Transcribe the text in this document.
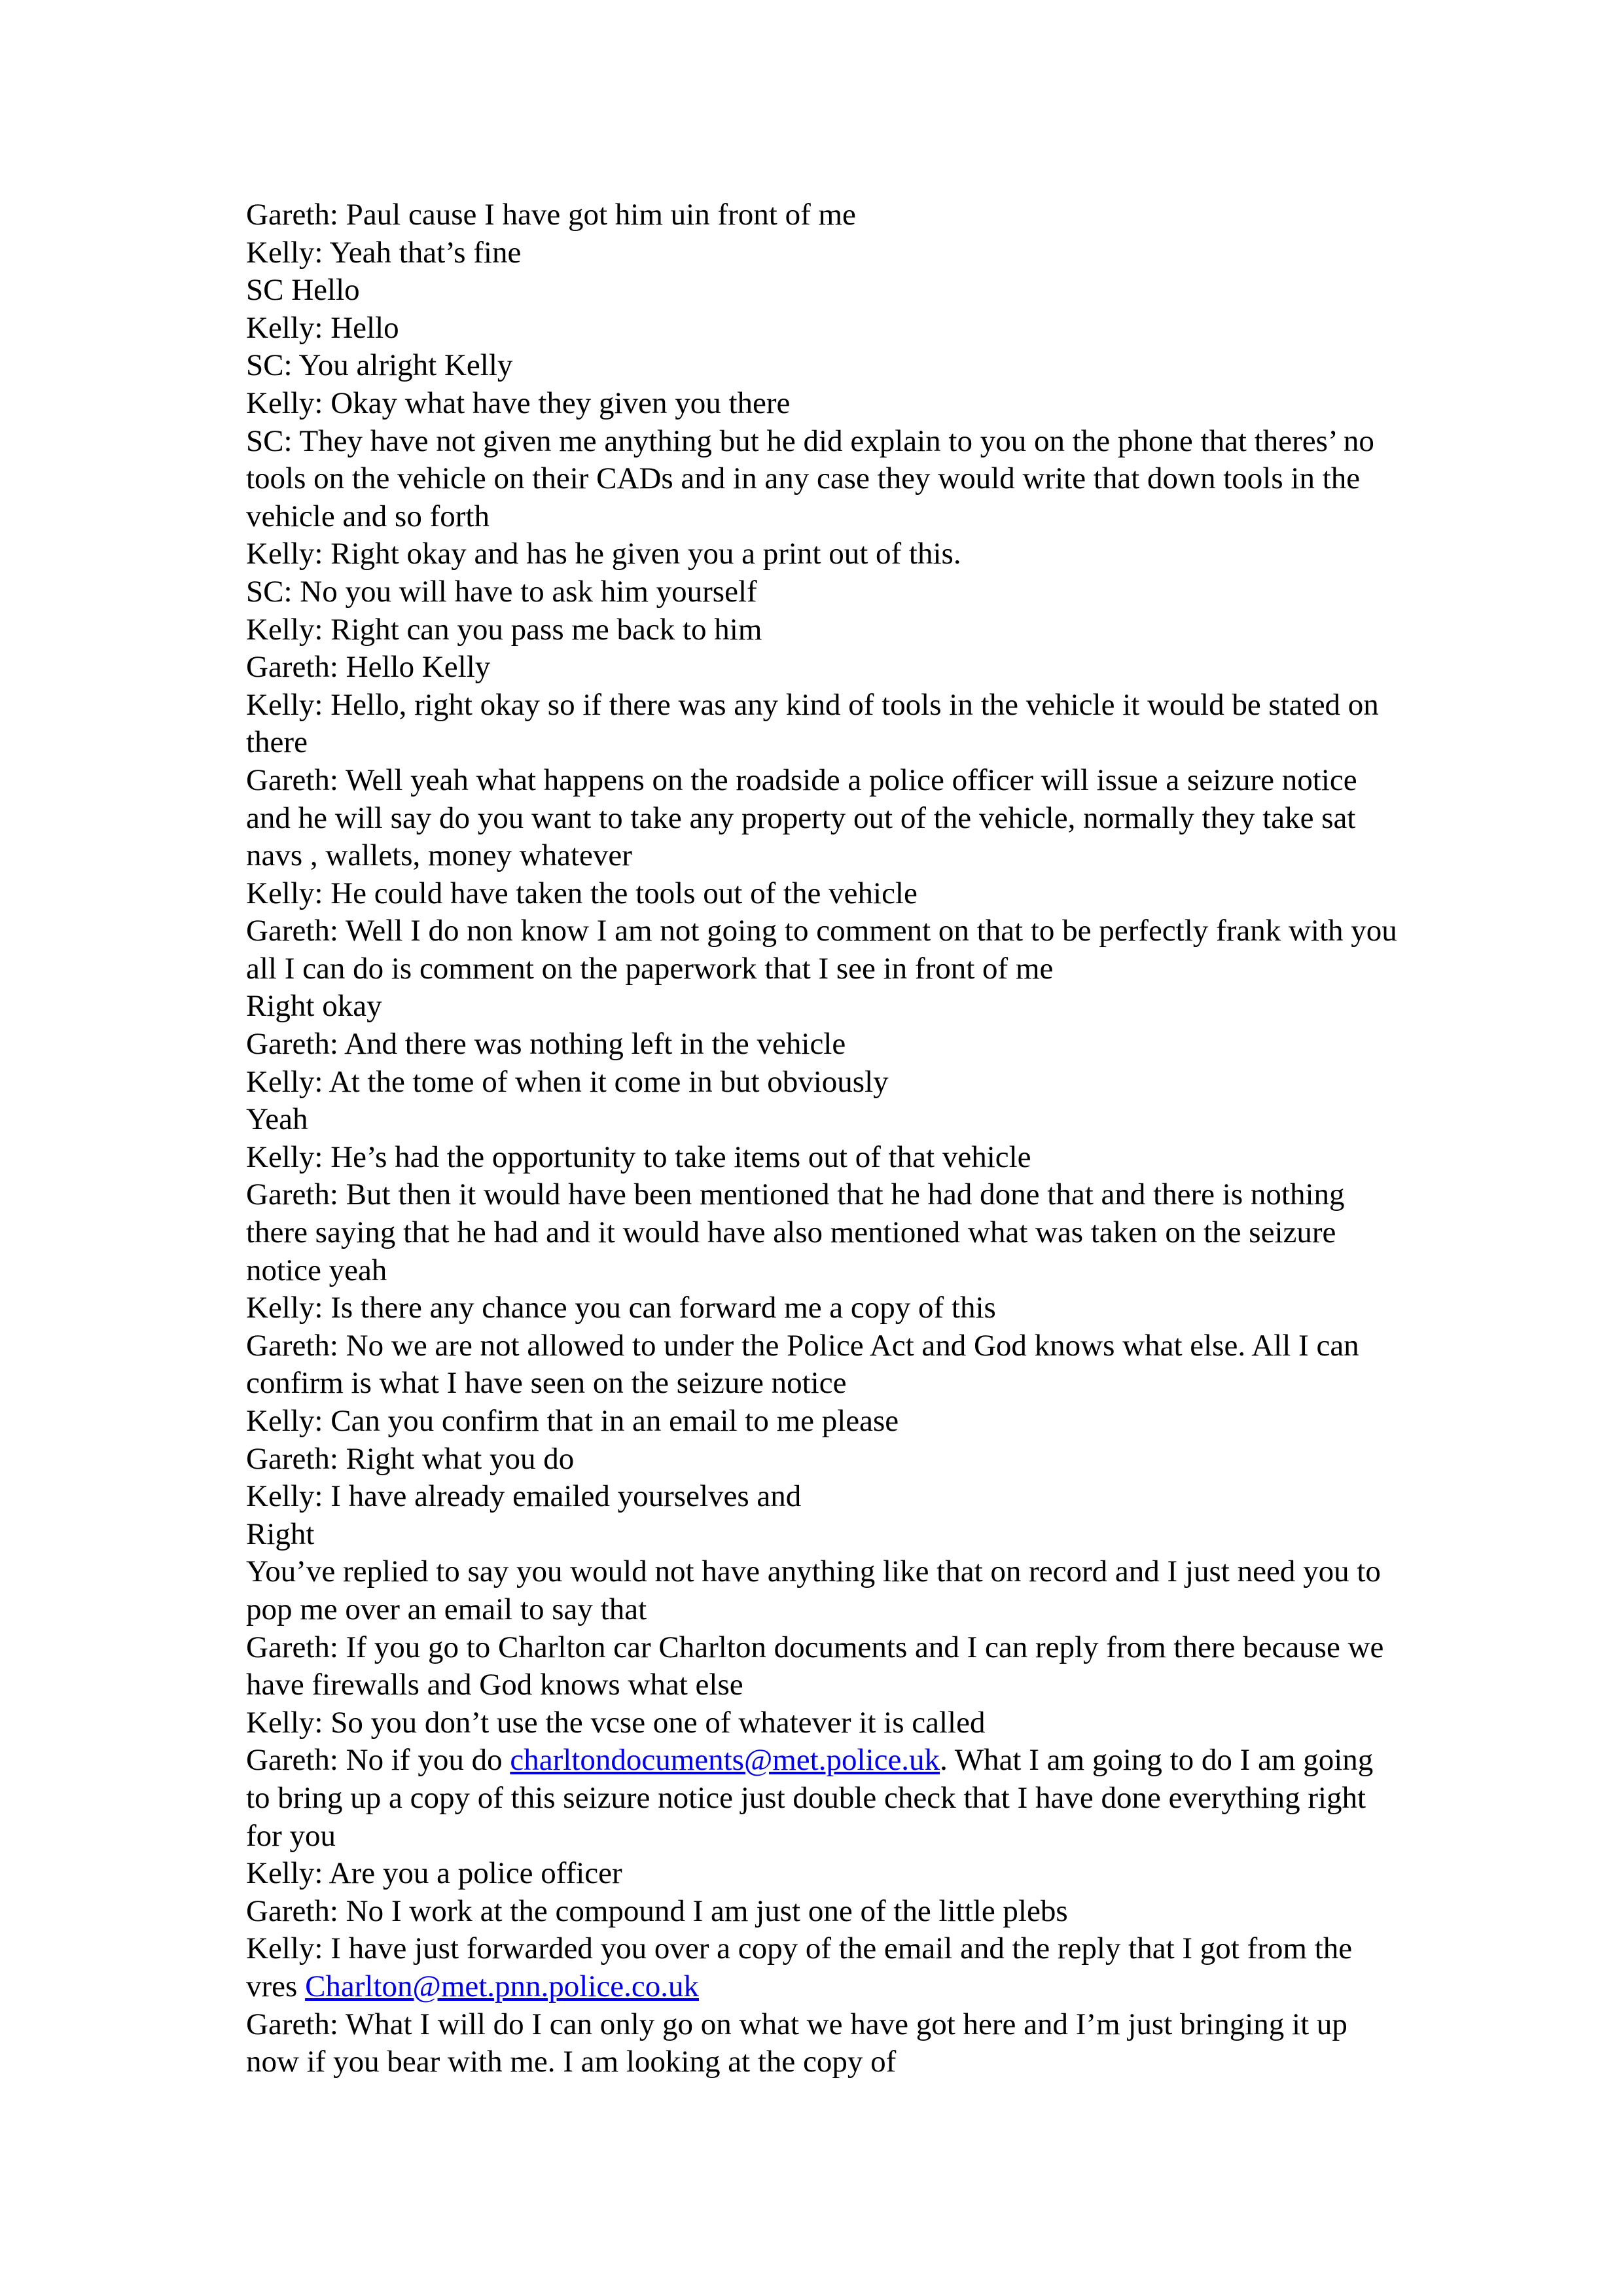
Gareth: Paul cause I have got him uin front of me

Kelly: Yeah that’s fine

SC Hello

Kelly: Hello

SC: You alright Kelly

Kelly: Okay what have they given you there

SC: They have not given me anything but he did explain to you on the phone that theres’ no tools on the vehicle on their CADs and in any case they would write that down tools in the vehicle and so forth

Kelly: Right okay and has he given you a print out of this.

SC: No you will have to ask him yourself

Kelly: Right can you pass me back to him

Gareth: Hello Kelly

Kelly: Hello, right okay so if there was any kind of tools in the vehicle it would be stated on there

Gareth: Well yeah what happens on the roadside a police officer will issue a seizure notice and he will say do you want to take any property out of the vehicle, normally they take sat navs , wallets, money whatever

Kelly: He could have taken the tools out of the vehicle

Gareth: Well I do non know I am not going to comment on that to be perfectly frank with you all I can do is comment on the paperwork that I see in front of me

Right okay

Gareth: And there was nothing left in the vehicle

Kelly: At the tome of when it come in but obviously

Yeah

Kelly: He’s had the opportunity to take items out of that vehicle

Gareth: But then it would have been mentioned that he had done that and there is nothing there saying that he had and it would have also mentioned what was taken on the seizure notice yeah

Kelly: Is there any chance you can forward me a copy of this

Gareth: No we are not allowed to under the Police Act and God knows what else. All I can confirm is what I have seen on the seizure notice

Kelly: Can you confirm that in an email to me please

Gareth: Right what you do

Kelly: I have already emailed yourselves and

Right

You’ve replied to say you would not have anything like that on record and I just need you to pop me over an email to say that

Gareth: If you go to Charlton car Charlton documents and I can reply from there because we have firewalls and God knows what else

Kelly: So you don’t use the vcse one of whatever it is called

Gareth: No if you do charltondocuments@met.police.uk. What I am going to do I am going to bring up a copy of this seizure notice just double check that I have done everything right for you

Kelly: Are you a police officer

Gareth: No I work at the compound I am just one of the little plebs

Kelly: I have just forwarded you over a copy of the email and the reply that I got from the vres Charlton@met.pnn.police.co.uk

Gareth: What I will do I can only go on what we have got here and I’m just bringing it up now if you bear with me. I am looking at the copy of
